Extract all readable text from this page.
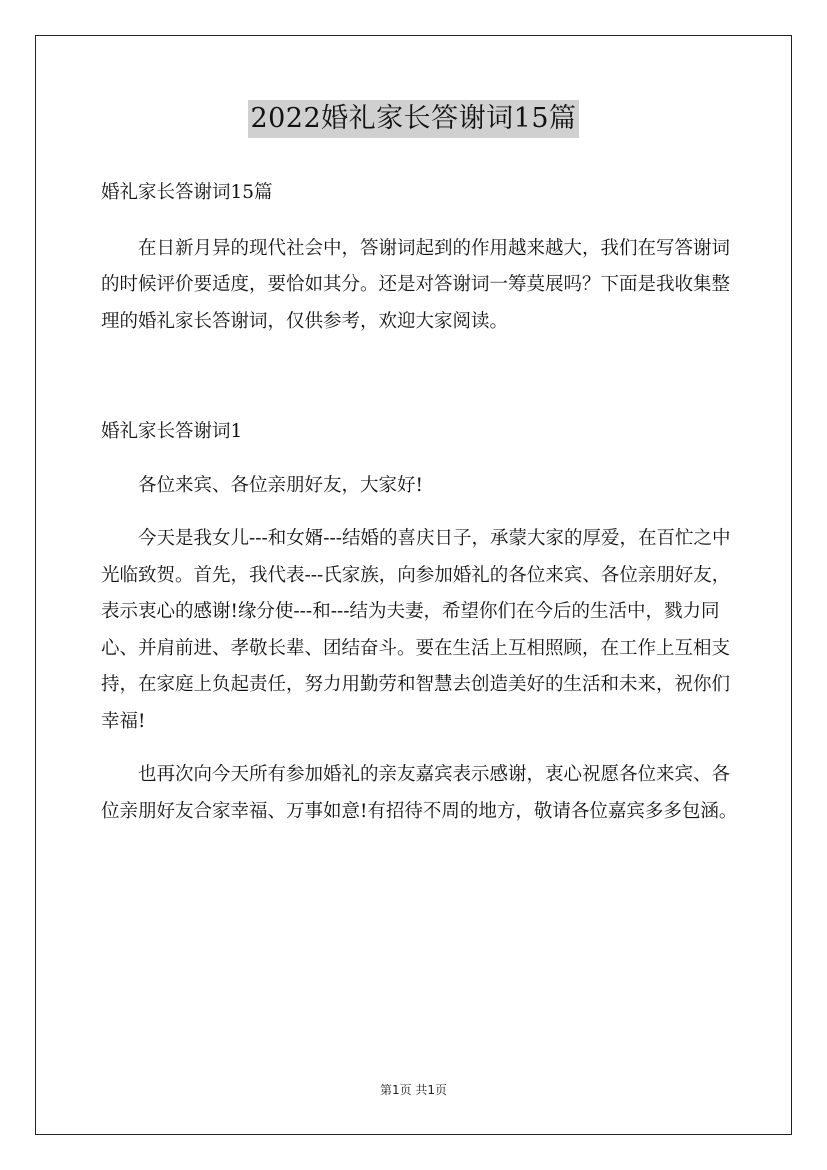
2022婚礼家长答谢词15篇

婚礼家长答谢词15篇

在日新月异的现代社会中，答谢词起到的作用越来越大，我们在写答谢词的时候评价要适度，要恰如其分。还是对答谢词一筹莫展吗？下面是我收集整理的婚礼家长答谢词，仅供参考，欢迎大家阅读。

婚礼家长答谢词1

各位来宾、各位亲朋好友，大家好!

今天是我女儿---和女婿---结婚的喜庆日子，承蒙大家的厚爱，在百忙之中光临致贺。首先，我代表---氏家族，向参加婚礼的各位来宾、各位亲朋好友，表示衷心的感谢!缘分使---和---结为夫妻，希望你们在今后的生活中，戮力同心、并肩前进、孝敬长辈、团结奋斗。要在生活上互相照顾，在工作上互相支持，在家庭上负起责任，努力用勤劳和智慧去创造美好的生活和未来，祝你们幸福!

也再次向今天所有参加婚礼的亲友嘉宾表示感谢，衷心祝愿各位来宾、各位亲朋好友合家幸福、万事如意!有招待不周的地方，敬请各位嘉宾多多包涵。

第1页 共1页
